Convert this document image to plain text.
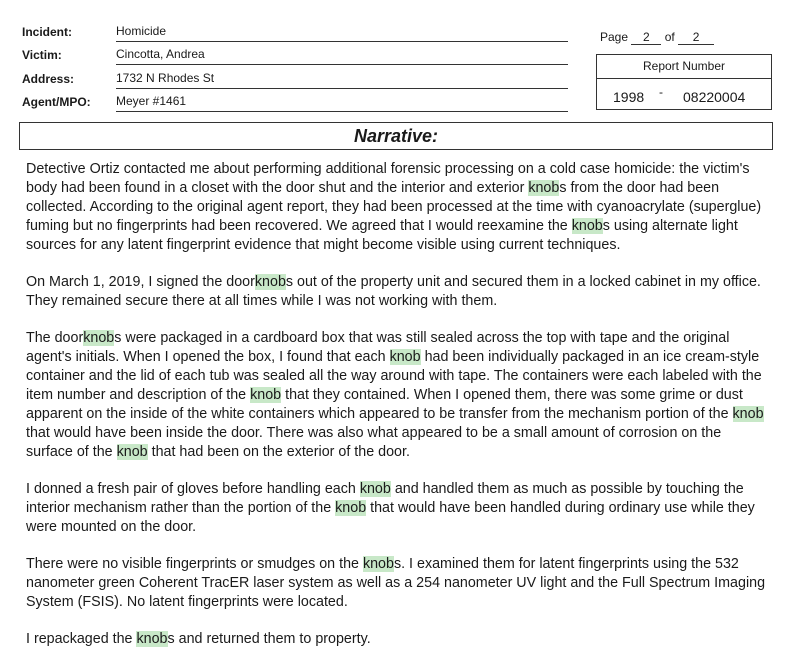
Incident:	Homicide
Victim:	Cincotta, Andrea
Address:	1732 N Rhodes St
Agent/MPO: Meyer #1461
Page 2 of 2
Report Number
1998 - 08220004
Narrative:

Detective Ortiz contacted me about performing additional forensic processing on a cold case homicide: the victim's body had been found in a closet with the door shut and the interior and exterior knobs from the door had been collected. According to the original agent report, they had been processed at the time with cyanoacrylate (superglue) fuming but no fingerprints had been recovered. We agreed that I would reexamine the knobs using alternate light sources for any latent fingerprint evidence that might become visible using current techniques.

On March 1, 2019, I signed the doorknobs out of the property unit and secured them in a locked cabinet in my office. They remained secure there at all times while I was not working with them.

The doorknobs were packaged in a cardboard box that was still sealed across the top with tape and the original agent's initials. When I opened the box, I found that each knob had been individually packaged in an ice cream-style container and the lid of each tub was sealed all the way around with tape. The containers were each labeled with the item number and description of the knob that they contained. When I opened them, there was some grime or dust apparent on the inside of the white containers which appeared to be transfer from the mechanism portion of the knob that would have been inside the door. There was also what appeared to be a small amount of corrosion on the surface of the knob that had been on the exterior of the door.

I donned a fresh pair of gloves before handling each knob and handled them as much as possible by touching the interior mechanism rather than the portion of the knob that would have been handled during ordinary use while they were mounted on the door.

There were no visible fingerprints or smudges on the knobs. I examined them for latent fingerprints using the 532 nanometer green Coherent TracER laser system as well as a 254 nanometer UV light and the Full Spectrum Imaging System (FSIS). No latent fingerprints were located.

I repackaged the knobs and returned them to property.
